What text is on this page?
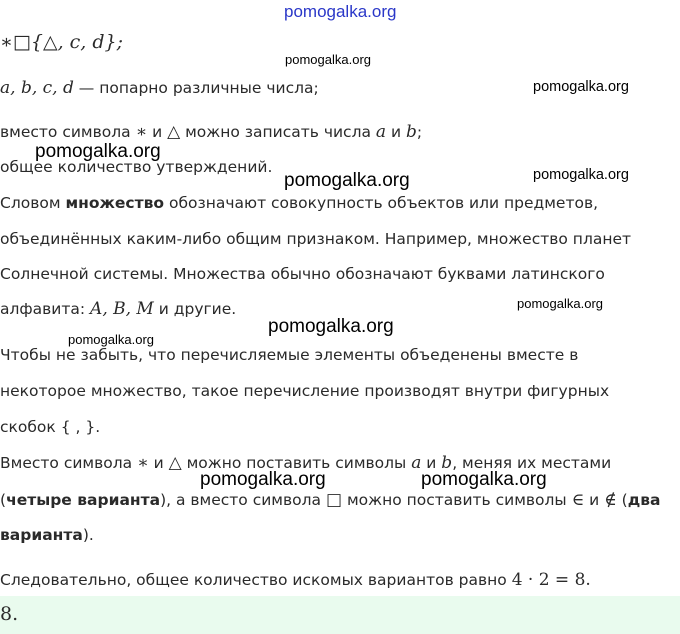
pomogalka.org
pomogalka.org
pomogalka.org
pomogalka.org
pomogalka.org	pomogalka.org
pomogalka.org
pomogalka.org
pomogalka.org
pomogalka.org	pomogalka.org
∗□{△, c, d};
a, b, c, d — попарно различные числа;
вместо символа ∗ и △ можно записать числа a и b;
общее количество утверждений.
Словом множество обозначают совокупность объектов или предметов,
объединённых каким-либо общим признаком. Например, множество планет
Солнечной системы. Множества обычно обозначают буквами латинского
алфавита: A, B, M и другие.
Чтобы не забыть, что перечисляемые элементы объеденены вместе в
некоторое множество, такое перечисление производят внутри фигурных
скобок { , }.
Вместо символа ∗ и △ можно поставить символы a и b, меняя их местами
(четыре варианта), а вместо символа □ можно поставить символы ∈ и ∉ (два
варианта).
Следовательно, общее количество искомых вариантов равно 4 · 2 = 8.
8.
